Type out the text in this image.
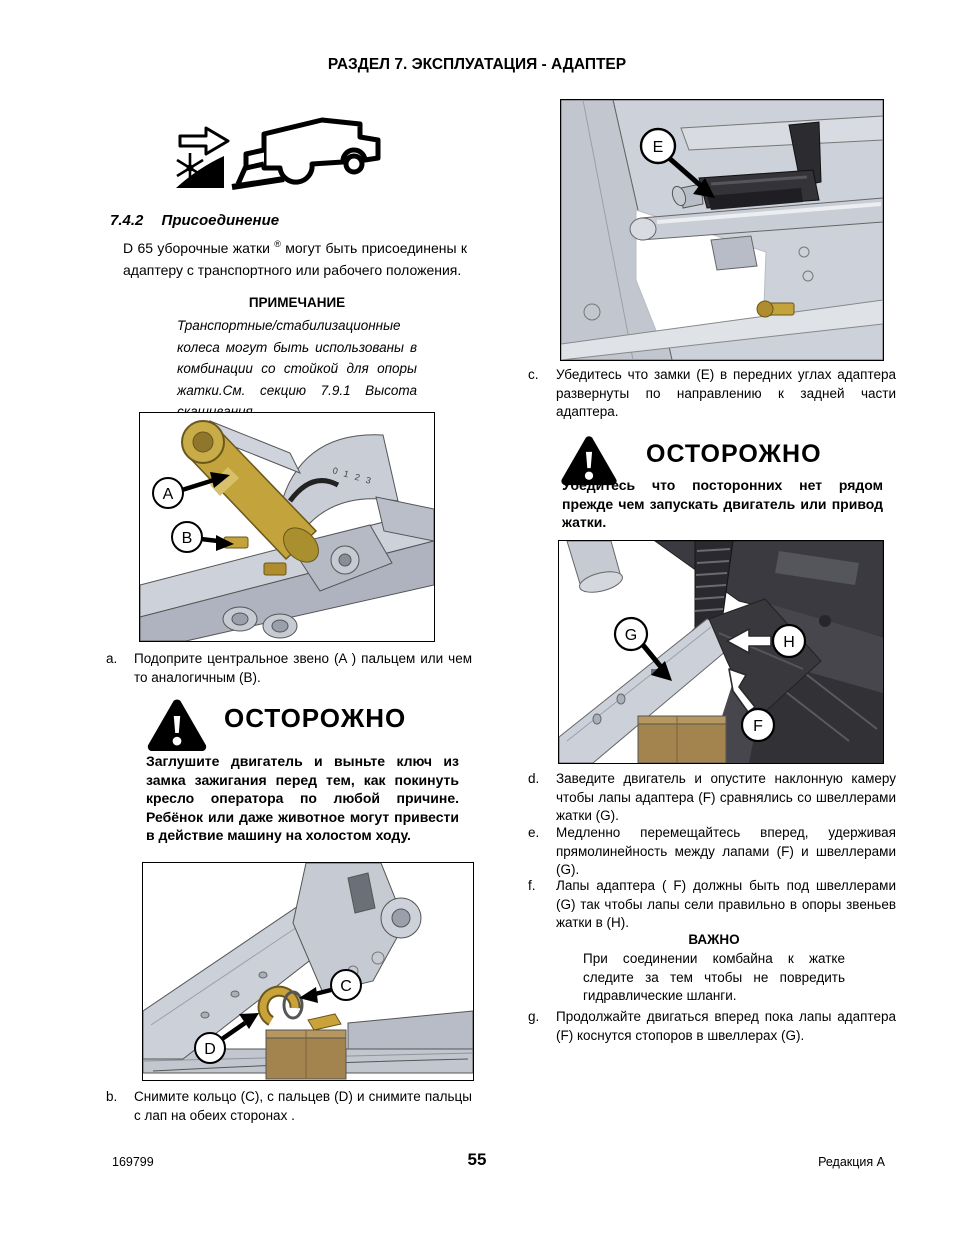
РАЗДЕЛ 7. ЭКСПЛУАТАЦИЯ - АДАПТЕР
7.4.2 Присоединение

D 65 уборочные жатки ® могут быть присоединены к адаптеру с транспортного или рабочего положения.

ПРИМЕЧАНИЕ
Транспортные/стабилизационные колеса могут быть использованы в комбинации со стойкой для опоры жатки.См. секцию 7.9.1 Высота скашивания.
0 1 2 3
A
B
a. Подоприте центральное звено (A ) пальцем или чем то аналогичным (B).
ОСТОРОЖНО
Заглушите двигатель и выньте ключ из замка зажигания перед тем, как покинуть кресло оператора по любой причине. Ребёнок или даже животное могут привести в действие машину на холостом ходу.
C
D
b. Снимите кольцо (C), с пальцев (D) и снимите пальцы с лап на обеих сторонах .
E
c. Убедитесь что замки (E) в передних углах адаптера развернуты по направлению к задней части адаптера.
ОСТОРОЖНО
Убедитесь что посторонних нет рядом прежде чем запускать двигатель или привод жатки.
G	H
F
d. Заведите двигатель и опустите наклонную камеру чтобы лапы адаптера (F) сравнялись со швеллерами жатки (G).
e. Медленно перемещайтесь вперед, удерживая прямолинейность между лапами (F) и швеллерами (G).
f. Лапы адаптера ( F) должны быть под швеллерами (G) так чтобы лапы сели правильно в опоры звеньев жатки в (H).
ВАЖНО
При соединении комбайна к жатке следите за тем чтобы не повредить гидравлические шланги.
g. Продолжайте двигаться вперед пока лапы адаптера (F) коснутся стопоров в швеллерах (G).
169799	55	Редакция A
